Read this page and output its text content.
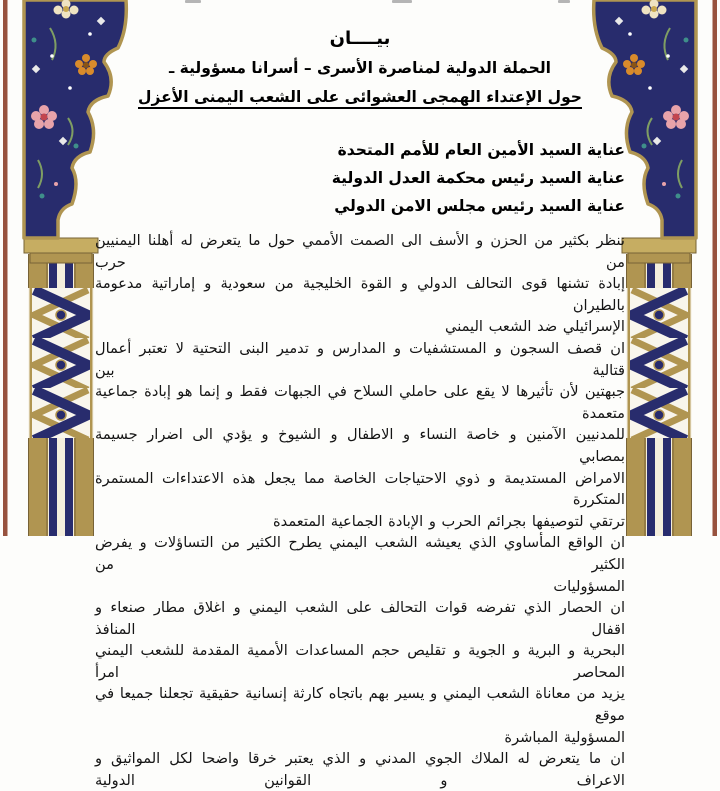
بيــــان
الحملة الدولية لمناصرة الأسرى – أسرانا مسؤولية ـ
حول الإعتداء الهمجى العشوائى على الشعب اليمنى الأعزل
عناية السيد الأمين العام للأمم المتحدة
عناية السيد رئيس محكمة العدل الدولية
عناية السيد رئيس مجلس الامن الدولي
ننظر بكثير من الحزن و الأسف الى الصمت الأممي حول ما يتعرض له أهلنا اليمنيين من حرب
إبادة تشنها قوى التحالف الدولي و القوة الخليجية من سعودية و إماراتية مدعومة بالطيران
الإسرائيلي ضد الشعب اليمني
ان قصف السجون و المستشفيات و المدارس و تدمير البنى التحتية لا تعتبر أعمال قتالية بين
جبهتين لأن تأثيرها لا يقع على حاملي السلاح في الجبهات فقط و إنما هو إبادة جماعية متعمدة
للمدنيين الآمنين و خاصة النساء و الاطفال و الشيوخ و يؤدي الى اضرار جسيمة بمصابي
الامراض المستديمة و ذوي الاحتياجات الخاصة مما يجعل هذه الاعتداءات المستمرة المتكررة
ترتقي لتوصيفها بجرائم الحرب و الإبادة الجماعية المتعمدة
ان الواقع المأساوي الذي يعيشه الشعب اليمني يطرح الكثير من التساؤلات و يفرض الكثير من
المسؤوليات
ان الحصار الذي تفرضه قوات التحالف على الشعب اليمني و اغلاق مطار صنعاء و اقفال المنافذ
البحرية و البرية و الجوية و تقليص حجم المساعدات الأممية المقدمة للشعب اليمني المحاصر امرأ
يزيد من معاناة الشعب اليمني و يسير بهم باتجاه كارثة إنسانية حقيقية تجعلنا جميعا في موقع
المسؤولية المباشرة
ان ما يتعرض له الملاك الجوي المدني و الذي يعتبر خرقا واضحا لكل المواثيق و الاعراف و القوانين الدولية
